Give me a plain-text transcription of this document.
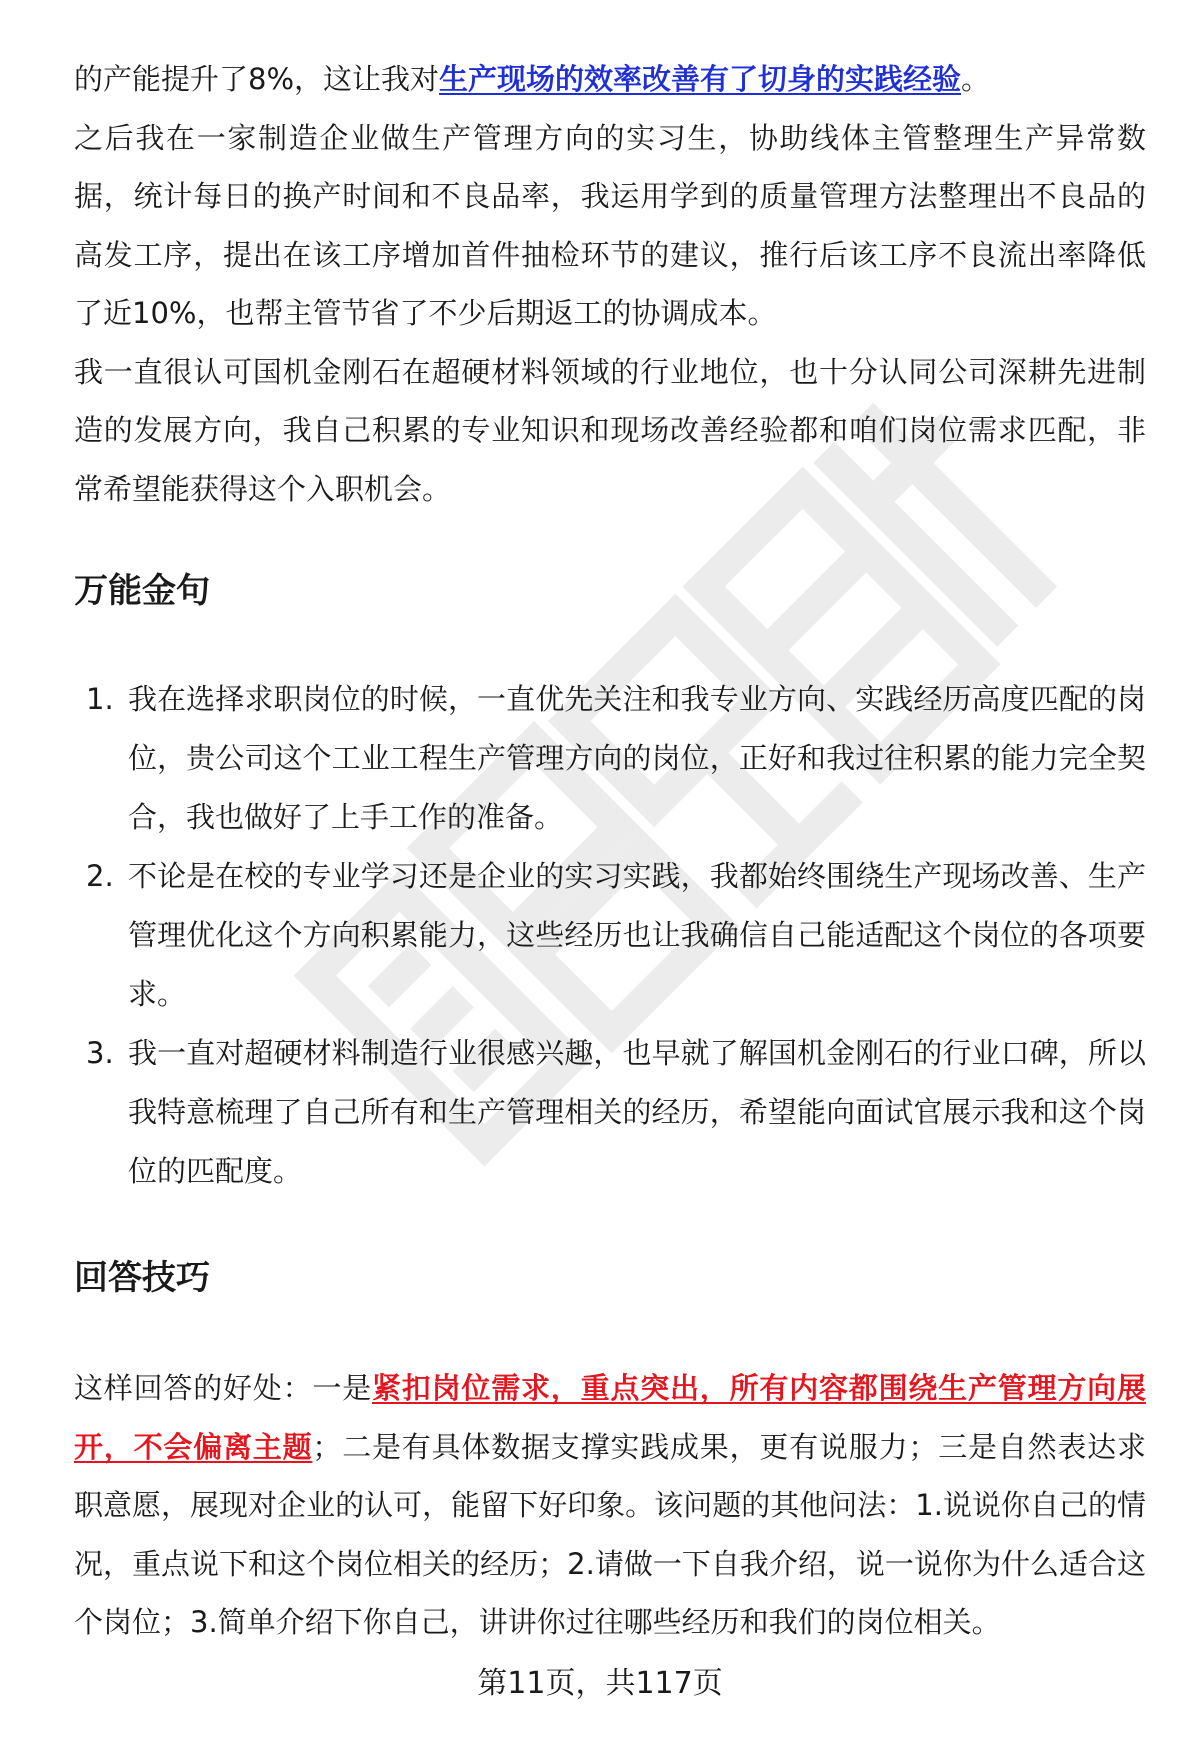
的产能提升了8%，这让我对生产现场的效率改善有了切身的实践经验。

之后我在一家制造企业做生产管理方向的实习生，协助线体主管整理生产异常数据，统计每日的换产时间和不良品率，我运用学到的质量管理方法整理出不良品的高发工序，提出在该工序增加首件抽检环节的建议，推行后该工序不良流出率降低了近10%，也帮主管节省了不少后期返工的协调成本。

我一直很认可国机金刚石在超硬材料领域的行业地位，也十分认同公司深耕先进制造的发展方向，我自己积累的专业知识和现场改善经验都和咱们岗位需求匹配，非常希望能获得这个入职机会。

万能金句
1. 我在选择求职岗位的时候，一直优先关注和我专业方向、实践经历高度匹配的岗位，贵公司这个工业工程生产管理方向的岗位，正好和我过往积累的能力完全契合，我也做好了上手工作的准备。
2. 不论是在校的专业学习还是企业的实习实践，我都始终围绕生产现场改善、生产管理优化这个方向积累能力，这些经历也让我确信自己能适配这个岗位的各项要求。
3. 我一直对超硬材料制造行业很感兴趣，也早就了解国机金刚石的行业口碑，所以我特意梳理了自己所有和生产管理相关的经历，希望能向面试官展示我和这个岗位的匹配度。
回答技巧

这样回答的好处：一是紧扣岗位需求，重点突出，所有内容都围绕生产管理方向展开，不会偏离主题；二是有具体数据支撑实践成果，更有说服力；三是自然表达求职意愿，展现对企业的认可，能留下好印象。该问题的其他问法：1.说说你自己的情况，重点说下和这个岗位相关的经历；2.请做一下自我介绍，说一说你为什么适合这个岗位；3.简单介绍下你自己，讲讲你过往哪些经历和我们的岗位相关。

第11页，共117页
